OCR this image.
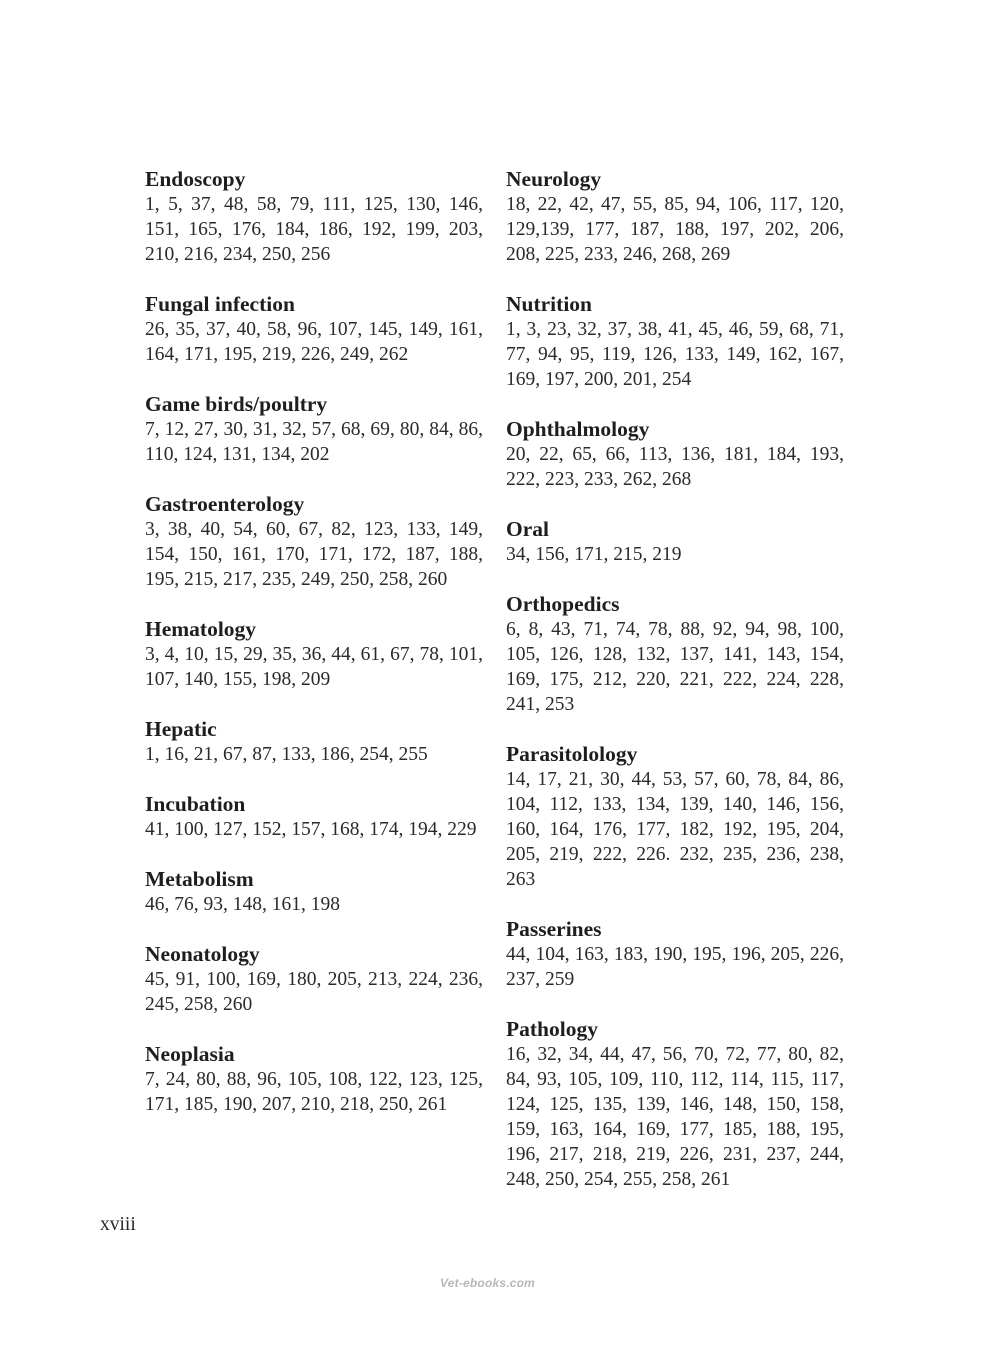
Endoscopy
1, 5, 37, 48, 58, 79, 111, 125, 130, 146, 151, 165, 176, 184, 186, 192, 199, 203, 210, 216, 234, 250, 256
Fungal infection
26, 35, 37, 40, 58, 96, 107, 145, 149, 161, 164, 171, 195, 219, 226, 249, 262
Game birds/poultry
7, 12, 27, 30, 31, 32, 57, 68, 69, 80, 84, 86, 110, 124, 131, 134, 202
Gastroenterology
3, 38, 40, 54, 60, 67, 82, 123, 133, 149, 154, 150, 161, 170, 171, 172, 187, 188, 195, 215, 217, 235, 249, 250, 258, 260
Hematology
3, 4, 10, 15, 29, 35, 36, 44, 61, 67, 78, 101, 107, 140, 155, 198, 209
Hepatic
1, 16, 21, 67, 87, 133, 186, 254, 255
Incubation
41, 100, 127, 152, 157, 168, 174, 194, 229
Metabolism
46, 76, 93, 148, 161, 198
Neonatology
45, 91, 100, 169, 180, 205, 213, 224, 236, 245, 258, 260
Neoplasia
7, 24, 80, 88, 96, 105, 108, 122, 123, 125, 171, 185, 190, 207, 210, 218, 250, 261
Neurology
18, 22, 42, 47, 55, 85, 94, 106, 117, 120, 129,139, 177, 187, 188, 197, 202, 206, 208, 225, 233, 246, 268, 269
Nutrition
1, 3, 23, 32, 37, 38, 41, 45, 46, 59, 68, 71, 77, 94, 95, 119, 126, 133, 149, 162, 167, 169, 197, 200, 201, 254
Ophthalmology
20, 22, 65, 66, 113, 136, 181, 184, 193, 222, 223, 233, 262, 268
Oral
34, 156, 171, 215, 219
Orthopedics
6, 8, 43, 71, 74, 78, 88, 92, 94, 98, 100, 105, 126, 128, 132, 137, 141, 143, 154, 169, 175, 212, 220, 221, 222, 224, 228, 241, 253
Parasitolology
14, 17, 21, 30, 44, 53, 57, 60, 78, 84, 86, 104, 112, 133, 134, 139, 140, 146, 156, 160, 164, 176, 177, 182, 192, 195, 204, 205, 219, 222, 226. 232, 235, 236, 238, 263
Passerines
44, 104, 163, 183, 190, 195, 196, 205, 226, 237, 259
Pathology
16, 32, 34, 44, 47, 56, 70, 72, 77, 80, 82, 84, 93, 105, 109, 110, 112, 114, 115, 117, 124, 125, 135, 139, 146, 148, 150, 158, 159, 163, 164, 169, 177, 185, 188, 195, 196, 217, 218, 219, 226, 231, 237, 244, 248, 250, 254, 255, 258, 261
xviii
Vet-ebooks.com
